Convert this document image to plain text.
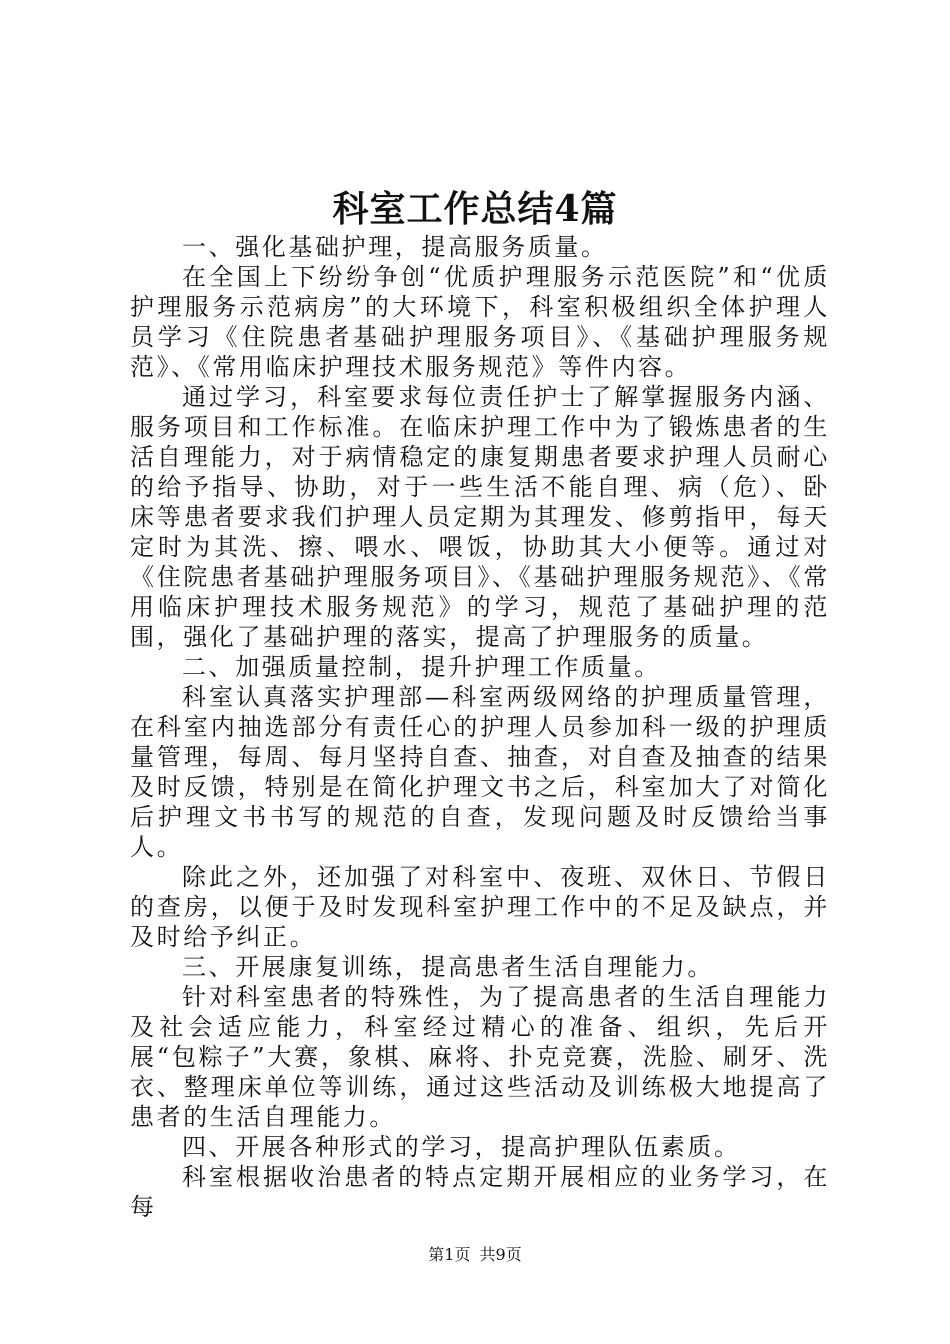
科室工作总结4篇

一、强化基础护理，提高服务质量。

在全国上下纷纷争创“优质护理服务示范医院”和“优质护理服务示范病房”的大环境下，科室积极组织全体护理人员学习《住院患者基础护理服务项目》、《基础护理服务规范》、《常用临床护理技术服务规范》等件内容。

通过学习，科室要求每位责任护士了解掌握服务内涵、服务项目和工作标准。在临床护理工作中为了锻炼患者的生活自理能力，对于病情稳定的康复期患者要求护理人员耐心的给予指导、协助，对于一些生活不能自理、病（危）、卧床等患者要求我们护理人员定期为其理发、修剪指甲，每天定时为其洗、擦、喂水、喂饭，协助其大小便等。通过对《住院患者基础护理服务项目》、《基础护理服务规范》、《常用临床护理技术服务规范》的学习，规范了基础护理的范围，强化了基础护理的落实，提高了护理服务的质量。

二、加强质量控制，提升护理工作质量。

科室认真落实护理部—科室两级网络的护理质量管理，在科室内抽选部分有责任心的护理人员参加科一级的护理质量管理，每周、每月坚持自查、抽查，对自查及抽查的结果及时反馈，特别是在简化护理文书之后，科室加大了对简化后护理文书书写的规范的自查，发现问题及时反馈给当事人。

除此之外，还加强了对科室中、夜班、双休日、节假日的查房，以便于及时发现科室护理工作中的不足及缺点，并及时给予纠正。

三、开展康复训练，提高患者生活自理能力。

针对科室患者的特殊性，为了提高患者的生活自理能力及社会适应能力，科室经过精心的准备、组织，先后开展“包粽子”大赛，象棋、麻将、扑克竞赛，洗脸、刷牙、洗衣、整理床单位等训练，通过这些活动及训练极大地提高了患者的生活自理能力。

四、开展各种形式的学习，提高护理队伍素质。

科室根据收治患者的特点定期开展相应的业务学习，在每

第1页 共9页
